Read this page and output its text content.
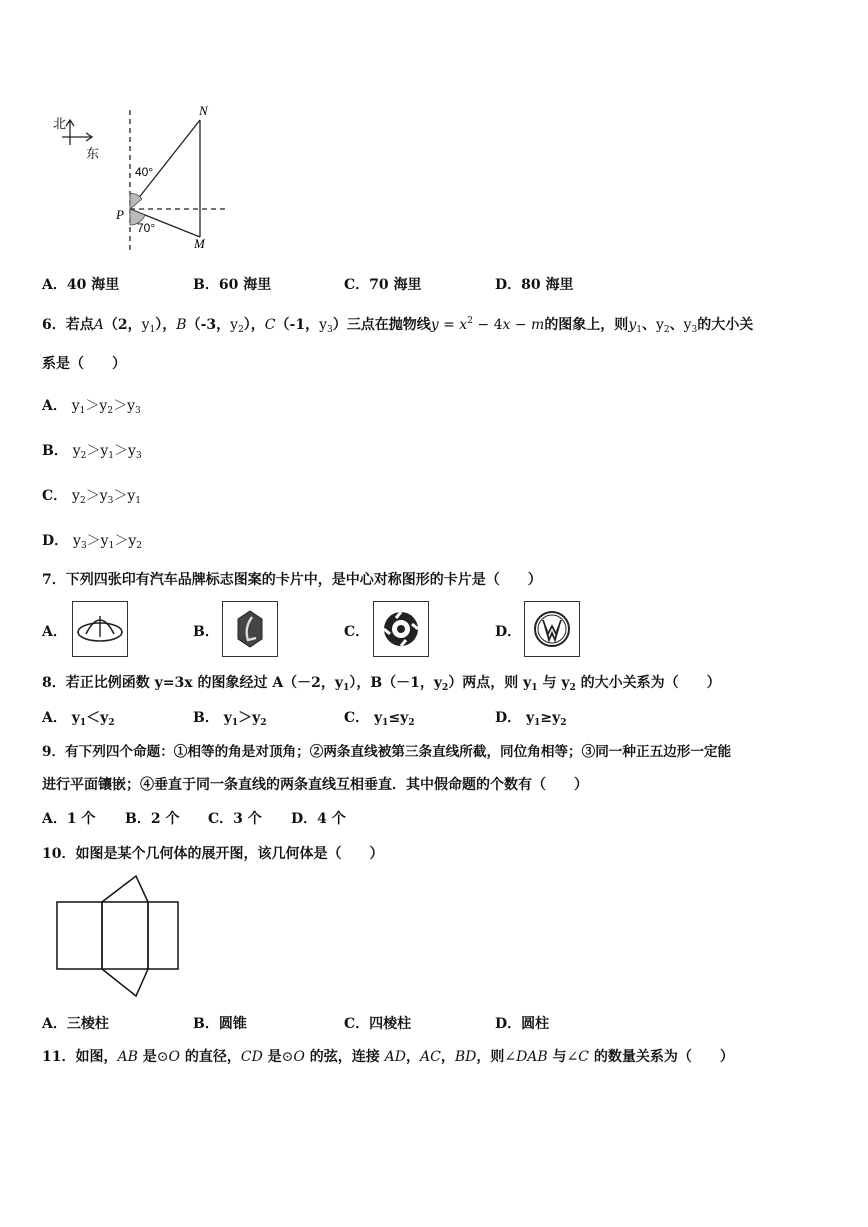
北
东
40°
70°
P
N
M
A．40 海里	B．60 海里	C．70 海里	D．80 海里
6．若点A（2，$y_1$），B（-3，$y_2$），C（-1，$y_3$）三点在抛物线$y = x^2 - 4x - m$的图象上，则$y_1$、$y_2$、$y_3$的大小关
系是（　　）
A． $y_1>y_2>y_3$
B． $y_2>y_1>y_3$
C． $y_2>y_3>y_1$
D． $y_3>y_1>y_2$
7．下列四张印有汽车品牌标志图案的卡片中，是中心对称图形的卡片是（　　）
A．	B．	C．	D．
8．若正比例函数 y=3x 的图象经过 A（－2，$y_1$），B（－1，$y_2$）两点，则 $y_1$ 与 $y_2$ 的大小关系为（　　）
A． $y_1<y_2$	B． $y_1>y_2$	C． $y_1\le y_2$	D． $y_1\ge y_2$
9．有下列四个命题：①相等的角是对顶角；②两条直线被第三条直线所截，同位角相等；③同一种正五边形一定能
进行平面镶嵌；④垂直于同一条直线的两条直线互相垂直．其中假命题的个数有（　　）
A．1 个 B．2 个 C．3 个 D．4 个
10．如图是某个几何体的展开图，该几何体是（　　）
A．三棱柱	B．圆锥	C．四棱柱	D．圆柱
11．如图，AB 是⊙O 的直径，CD 是⊙O 的弦，连接 AD，AC，BD，则∠DAB 与∠C 的数量关系为（　　）
